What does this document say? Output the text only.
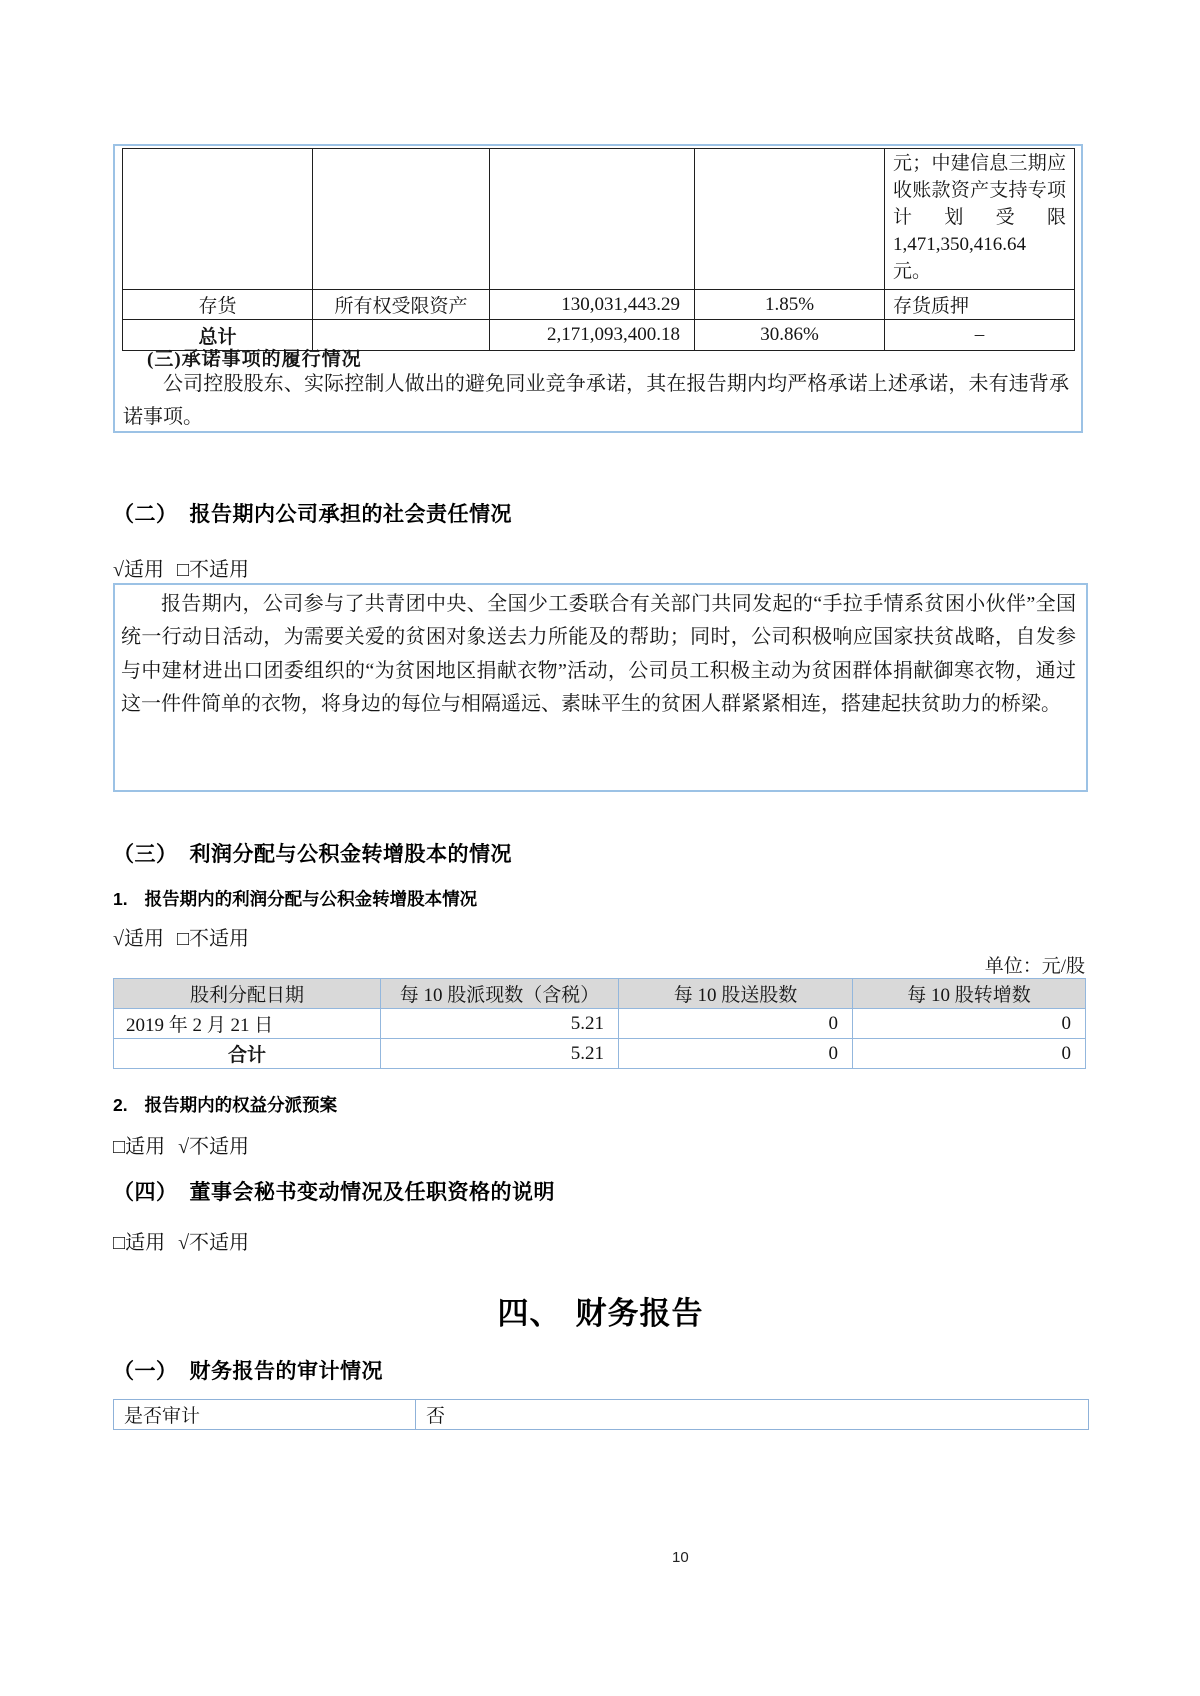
				元；中建信息三期应收账款资产支持专项计划受限 1,471,350,416.64 元。
存货	所有权受限资产	130,031,443.29	1.85%	存货质押
总计		2,171,093,400.18	30.86%	–
(三)承诺事项的履行情况

公司控股股东、实际控制人做出的避免同业竞争承诺，其在报告期内均严格承诺上述承诺，未有违背承诺事项。

（二） 报告期内公司承担的社会责任情况
√适用 □不适用

报告期内，公司参与了共青团中央、全国少工委联合有关部门共同发起的“手拉手情系贫困小伙伴”全国统一行动日活动，为需要关爱的贫困对象送去力所能及的帮助；同时，公司积极响应国家扶贫战略，自发参与中建材进出口团委组织的“为贫困地区捐献衣物”活动，公司员工积极主动为贫困群体捐献御寒衣物，通过这一件件简单的衣物，将身边的每位与相隔遥远、素昧平生的贫困人群紧紧相连，搭建起扶贫助力的桥梁。

（三） 利润分配与公积金转增股本的情况
1. 报告期内的利润分配与公积金转增股本情况
√适用 □不适用
单位：元/股
股利分配日期	每 10 股派现数（含税）	每 10 股送股数	每 10 股转增数
2019 年 2 月 21 日	5.21	0	0
合计	5.21	0	0
2. 报告期内的权益分派预案
□适用 √不适用
（四） 董事会秘书变动情况及任职资格的说明
□适用 √不适用
四、 财务报告
（一） 财务报告的审计情况
是否审计	否
10
